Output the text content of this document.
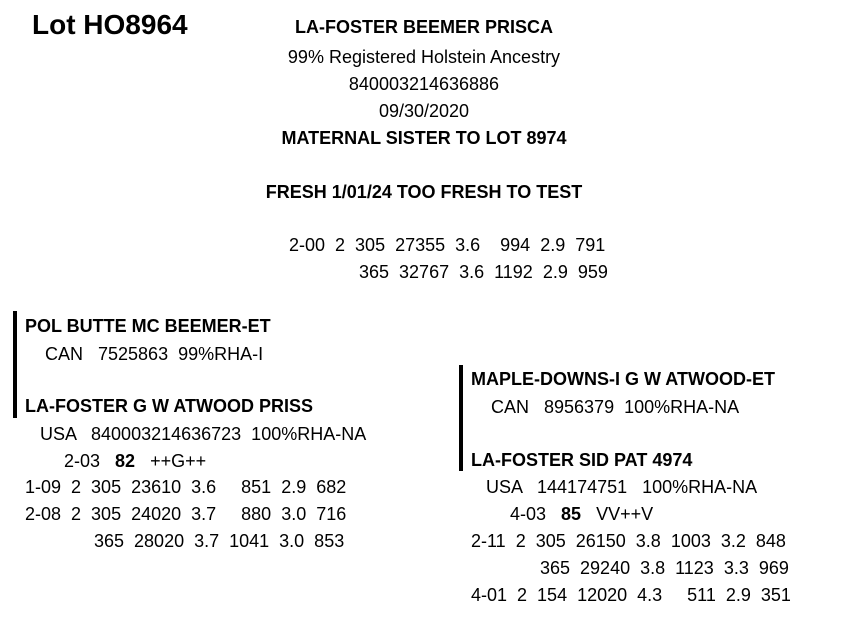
Lot HO8964	LA-FOSTER BEEMER PRISCA
99% Registered Holstein Ancestry
840003214636886
09/30/2020
MATERNAL SISTER TO LOT 8974
FRESH 1/01/24 TOO FRESH TO TEST
2-00  2  305  27355  3.6    994  2.9  791
365  32767  3.6  1192  2.9  959
POL BUTTE MC BEEMER-ET
CAN   7525863  99%RHA-I
LA-FOSTER G W ATWOOD PRISS
USA   840003214636723  100%RHA-NA
2-03 82 ++G++
1-09  2  305  23610  3.6     851  2.9  682
2-08  2  305  24020  3.7     880  3.0  716
365  28020  3.7  1041  3.0  853
MAPLE-DOWNS-I G W ATWOOD-ET
CAN   8956379  100%RHA-NA
LA-FOSTER SID PAT 4974
USA   144174751   100%RHA-NA
4-03 85 VV++V
2-11  2  305  26150  3.8  1003  3.2  848
365  29240  3.8  1123  3.3  969
4-01  2  154  12020  4.3     511  2.9  351
